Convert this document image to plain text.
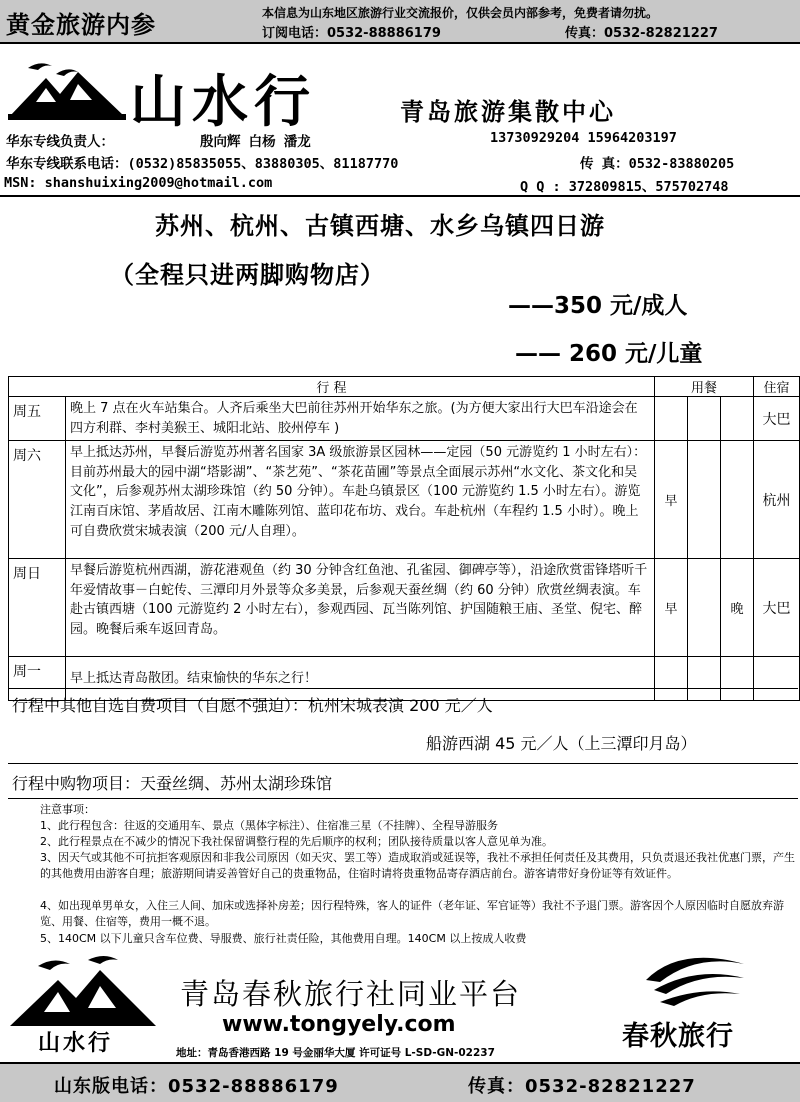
黄金旅游内参	本信息为山东地区旅游行业交流报价，仅供会员内部参考，免费者请勿扰。
订阅电话：0532-88886179	传真：0532-82821227
山水行	青岛旅游集散中心
华东专线负责人：	殷向辉 白杨 潘龙	13730929204 15964203197
华东专线联系电话：(0532)85835055、83880305、81187770	传 真：0532-83880205
MSN: shanshuixing2009@hotmail.com	Q Q : 372809815、575702748
苏州、杭州、古镇西塘、水乡乌镇四日游
（全程只进两脚购物店）
——350 元/成人
—— 260 元/儿童
行 程		用餐			住宿
周五	晚上 7 点在火车站集合。人齐后乘坐大巴前往苏州开始华东之旅。(为方便大家出行大巴车沿途会在四方利群、李村美猴王、城阳北站、胶州停车 )				大巴
周六	早上抵达苏州，早餐后游览苏州著名国家 3A 级旅游景区园林——定园（50 元游览约 1 小时左右）：目前苏州最大的园中湖“塔影湖”、“茶艺苑”、“茶花苗圃”等景点全面展示苏州“水文化、茶文化和吴文化”，后参观苏州太湖珍珠馆（约 50 分钟）。车赴乌镇景区（100 元游览约 1.5 小时左右）。游览江南百床馆、茅盾故居、江南木雕陈列馆、蓝印花布坊、戏台。车赴杭州（车程约 1.5 小时）。晚上可自费欣赏宋城表演（200 元/人自理）。	早			杭州
周日	早餐后游览杭州西湖，游花港观鱼（约 30 分钟含红鱼池、孔雀园、御碑亭等），沿途欣赏雷锋塔听千年爱情故事－白蛇传、三潭印月外景等众多美景，后参观天蚕丝绸（约 60 分钟）欣赏丝绸表演。车赴古镇西塘（100 元游览约 2 小时左右），参观西园、瓦当陈列馆、护国随粮王庙、圣堂、倪宅、醉园。晚餐后乘车返回青岛。	早		晚	大巴
周一	早上抵达青岛散团。结束愉快的华东之行！				
行程中其他自选自费项目（自愿不强迫）：杭州宋城表演 200 元／人
船游西湖 45 元／人（上三潭印月岛）
行程中购物项目：天蚕丝绸、苏州太湖珍珠馆
注意事项：
1、此行程包含：往返的交通用车、景点（黑体字标注）、住宿准三星（不挂牌）、全程导游服务
2、此行程景点在不减少的情况下我社保留调整行程的先后顺序的权利；团队接待质量以客人意见单为准。
3、因天气或其他不可抗拒客观原因和非我公司原因（如天灾、罢工等）造成取消或延误等，我社不承担任何责任及其费用，只负责退还我社优惠门票，产生的其他费用由游客自理；旅游期间请妥善管好自己的贵重物品，住宿时请将贵重物品寄存酒店前台。游客请带好身份证等有效证件。
4、如出现单男单女，入住三人间、加床或选择补房差；因行程特殊，客人的证件（老年证、军官证等）我社不予退门票。游客因个人原因临时自愿放弃游览、用餐、住宿等，费用一概不退。
5、140CM 以下儿童只含车位费、导服费、旅行社责任险，其他费用自理。140CM 以上按成人收费
山水行
青岛春秋旅行社同业平台
www.tongyely.com
地址：青岛香港西路 19 号金丽华大厦 许可证号 L-SD-GN-02237
春秋旅行
山东版电话：0532-88886179	传真：0532-82821227
